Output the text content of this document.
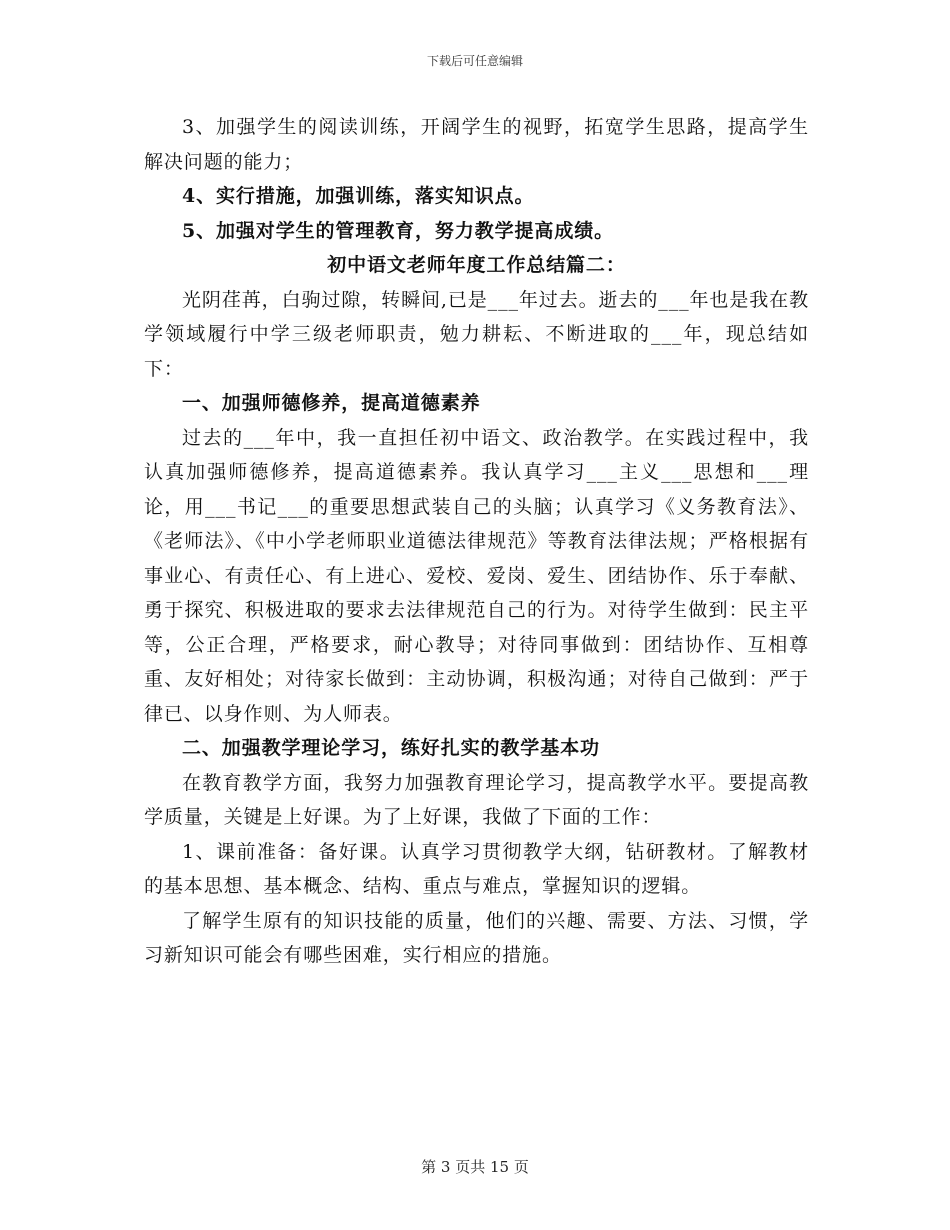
下载后可任意编辑

3、加强学生的阅读训练，开阔学生的视野，拓宽学生思路，提高学生解决问题的能力；

4、实行措施，加强训练，落实知识点。

5、加强对学生的管理教育，努力教学提高成绩。

初中语文老师年度工作总结篇二：

光阴荏苒，白驹过隙，转瞬间,已是___年过去。逝去的___年也是我在教学领域履行中学三级老师职责，勉力耕耘、不断进取的___年，现总结如下：

一、加强师德修养，提高道德素养

过去的___年中，我一直担任初中语文、政治教学。在实践过程中，我认真加强师德修养，提高道德素养。我认真学习___主义___思想和___理论，用___书记___的重要思想武装自己的头脑；认真学习《义务教育法》、《老师法》、《中小学老师职业道德法律规范》等教育法律法规；严格根据有事业心、有责任心、有上进心、爱校、爱岗、爱生、团结协作、乐于奉献、勇于探究、积极进取的要求去法律规范自己的行为。对待学生做到：民主平等，公正合理，严格要求，耐心教导；对待同事做到：团结协作、互相尊重、友好相处；对待家长做到：主动协调，积极沟通；对待自己做到：严于律已、以身作则、为人师表。

二、加强教学理论学习，练好扎实的教学基本功

在教育教学方面，我努力加强教育理论学习，提高教学水平。要提高教学质量，关键是上好课。为了上好课，我做了下面的工作：

1、课前准备：备好课。认真学习贯彻教学大纲，钻研教材。了解教材的基本思想、基本概念、结构、重点与难点，掌握知识的逻辑。

了解学生原有的知识技能的质量，他们的兴趣、需要、方法、习惯，学习新知识可能会有哪些困难，实行相应的措施。

第 3 页共 15 页
